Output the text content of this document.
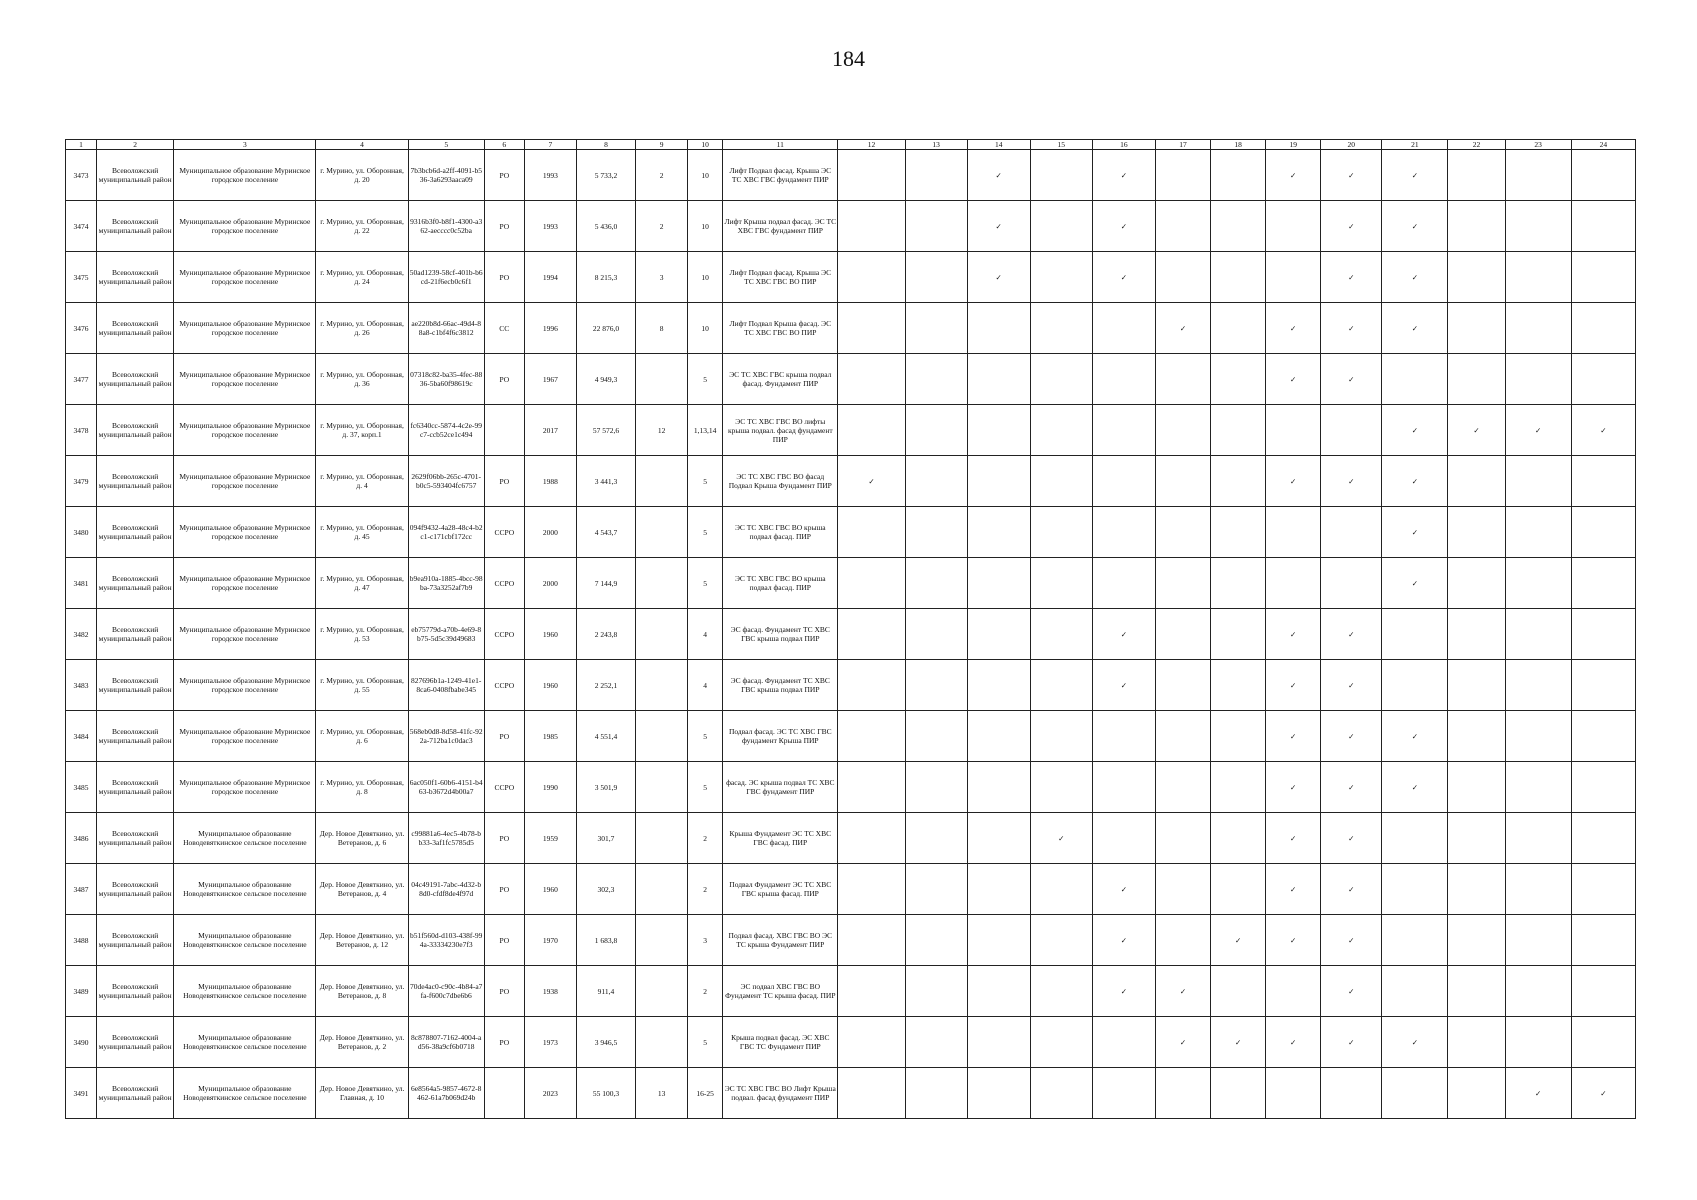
184
1	2	3	4	5	6	7	8	9	10	11	12	13	14	15	16	17	18	19	20	21	22	23	24
3473	Всеволожский муниципальный район	Муниципальное образование Муринское городское поселение	г. Мурино, ул. Оборонная, д. 20	7b3bcb6d-a2ff-4091-b536-3a6293aaca09	РО	1993	5 733,2	2	10	Лифт Подвал фасад. Крыша ЭС ТС ХВС ГВС фундамент ПИР			✓		✓			✓	✓	✓			
3474	Всеволожский муниципальный район	Муниципальное образование Муринское городское поселение	г. Мурино, ул. Оборонная, д. 22	9316b3f0-b8f1-4300-a362-aecccc0c52ba	РО	1993	5 436,0	2	10	Лифт Крыша подвал фасад. ЭС ТС ХВС ГВС фундамент ПИР			✓		✓				✓	✓			
3475	Всеволожский муниципальный район	Муниципальное образование Муринское городское поселение	г. Мурино, ул. Оборонная, д. 24	50ad1239-58cf-401b-b6cd-21f6ecb0c6f1	РО	1994	8 215,3	3	10	Лифт Подвал фасад. Крыша ЭС ТС ХВС ГВС ВО ПИР			✓		✓				✓	✓			
3476	Всеволожский муниципальный район	Муниципальное образование Муринское городское поселение	г. Мурино, ул. Оборонная, д. 26	ae220b8d-66ac-49d4-88a8-c1bf4f6c3812	СС	1996	22 876,0	8	10	Лифт Подвал Крыша фасад. ЭС ТС ХВС ГВС ВО ПИР						✓		✓	✓	✓			
3477	Всеволожский муниципальный район	Муниципальное образование Муринское городское поселение	г. Мурино, ул. Оборонная, д. 36	07318c82-ba35-4fec-8836-5ba60f98619c	РО	1967	4 949,3		5	ЭС ТС ХВС ГВС крыша подвал фасад. Фундамент ПИР								✓	✓				
3478	Всеволожский муниципальный район	Муниципальное образование Муринское городское поселение	г. Мурино, ул. Оборонная, д. 37, корп.1	fc6340cc-5874-4c2e-99c7-ccb52ce1c494		2017	57 572,6	12	1,13,14	ЭС ТС ХВС ГВС ВО лифты крыша подвал. фасад фундамент ПИР										✓	✓	✓	✓
3479	Всеволожский муниципальный район	Муниципальное образование Муринское городское поселение	г. Мурино, ул. Оборонная, д. 4	2629f06bb-265c-4701-b0c5-593404fc6757	РО	1988	3 441,3		5	ЭС ТС ХВС ГВС ВО фасад Подвал Крыша Фундамент ПИР	✓							✓	✓	✓			
3480	Всеволожский муниципальный район	Муниципальное образование Муринское городское поселение	г. Мурино, ул. Оборонная, д. 45	094f9432-4a28-48c4-b2c1-c171cbf172cc	ССРО	2000	4 543,7		5	ЭС ТС ХВС ГВС ВО крыша подвал фасад. ПИР										✓			
3481	Всеволожский муниципальный район	Муниципальное образование Муринское городское поселение	г. Мурино, ул. Оборонная, д. 47	b9ea910a-1885-4bcc-98ba-73a3252af7b9	ССРО	2000	7 144,9		5	ЭС ТС ХВС ГВС ВО крыша подвал фасад. ПИР										✓			
3482	Всеволожский муниципальный район	Муниципальное образование Муринское городское поселение	г. Мурино, ул. Оборонная, д. 53	eb75779d-a70b-4e69-8b75-5d5c39d49683	ССРО	1960	2 243,8		4	ЭС фасад. Фундамент ТС ХВС ГВС крыша подвал ПИР					✓			✓	✓				
3483	Всеволожский муниципальный район	Муниципальное образование Муринское городское поселение	г. Мурино, ул. Оборонная, д. 55	827696b1a-1249-41e1-8ca6-0408fbabe345	ССРО	1960	2 252,1		4	ЭС фасад. Фундамент ТС ХВС ГВС крыша подвал ПИР					✓			✓	✓				
3484	Всеволожский муниципальный район	Муниципальное образование Муринское городское поселение	г. Мурино, ул. Оборонная, д. 6	568eb0d8-8d58-41fc-922a-712ba1c0dac3	РО	1985	4 551,4		5	Подвал фасад. ЭС ТС ХВС ГВС фундамент Крыша ПИР								✓	✓	✓			
3485	Всеволожский муниципальный район	Муниципальное образование Муринское городское поселение	г. Мурино, ул. Оборонная, д. 8	6ac050f1-60b6-4151-b463-b3672d4b00a7	ССРО	1990	3 501,9		5	фасад. ЭС крыша подвал ТС ХВС ГВС фундамент ПИР								✓	✓	✓			
3486	Всеволожский муниципальный район	Муниципальное образование Новодевяткинское сельское поселение	Дер. Новое Девяткино, ул. Ветеранов, д. 6	c99881a6-4ec5-4b78-bb33-3af1fc5785d5	РО	1959	301,7		2	Крыша Фундамент ЭС ТС ХВС ГВС фасад. ПИР				✓				✓	✓				
3487	Всеволожский муниципальный район	Муниципальное образование Новодевяткинское сельское поселение	Дер. Новое Девяткино, ул. Ветеранов, д. 4	04c49191-7abc-4d32-b8d0-cfdf8de4f97d	РО	1960	302,3		2	Подвал Фундамент ЭС ТС ХВС ГВС крыша фасад. ПИР					✓			✓	✓				
3488	Всеволожский муниципальный район	Муниципальное образование Новодевяткинское сельское поселение	Дер. Новое Девяткино, ул. Ветеранов, д. 12	b51f560d-d103-438f-994a-33334230e7f3	РО	1970	1 683,8		3	Подвал фасад. ХВС ГВС ВО ЭС ТС крыша Фундамент ПИР					✓		✓	✓	✓				
3489	Всеволожский муниципальный район	Муниципальное образование Новодевяткинское сельское поселение	Дер. Новое Девяткино, ул. Ветеранов, д. 8	70de4ac0-c90c-4b84-a7fa-f600c7dbe6b6	РО	1938	911,4		2	ЭС подвал ХВС ГВС ВО Фундамент ТС крыша фасад. ПИР					✓	✓			✓				
3490	Всеволожский муниципальный район	Муниципальное образование Новодевяткинское сельское поселение	Дер. Новое Девяткино, ул. Ветеранов, д. 2	8c878807-7162-4004-ad56-38a9cf6b0718	РО	1973	3 946,5		5	Крыша подвал фасад. ЭС ХВС ГВС ТС Фундамент ПИР						✓	✓	✓	✓	✓			
3491	Всеволожский муниципальный район	Муниципальное образование Новодевяткинское сельское поселение	Дер. Новое Девяткино, ул. Главная, д. 10	6e8564a5-9857-4672-8462-61a7b069d24b		2023	55 100,3	13	16-25	ЭС ТС ХВС ГВС ВО Лифт Крыша подвал. фасад фундамент ПИР												✓	✓
